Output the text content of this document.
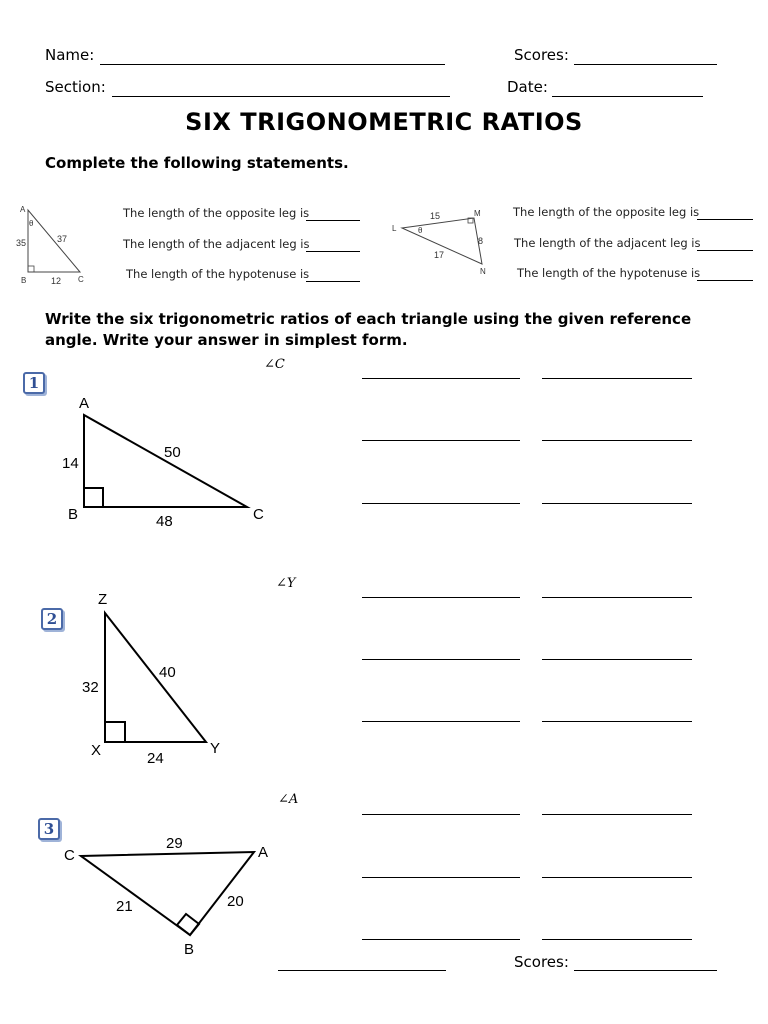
Name:	Scores:
Section:	Date:
SIX TRIGONOMETRIC RATIOS
Complete the following statements.
A
θ
35	37
B	12 C
The length of the opposite leg is
The length of the adjacent leg is
The length of the hypotenuse is
L	θ
15	M
8
17
N
The length of the opposite leg is
The length of the adjacent leg is
The length of the hypotenuse is
Write the six trigonometric ratios of each triangle using the given reference
angle. Write your answer in simplest form.
∠C
1
A
14
50
B	48	C
∠Y
2
Z
32
40
X	24
Y
∠A
3
C
29
A
21	20
B
Scores:
